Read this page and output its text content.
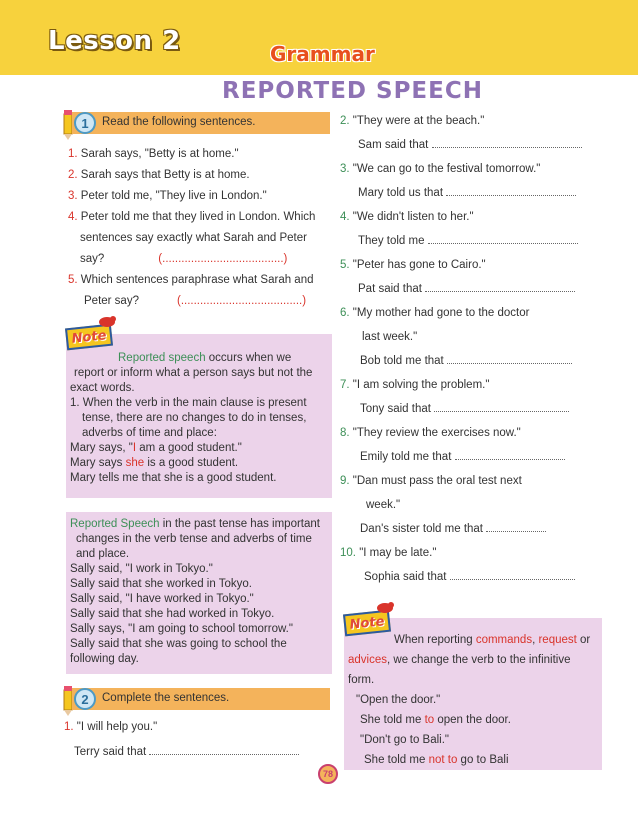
Lesson 2	Grammar
REPORTED SPEECH
1	Read the following sentences.
1. Sarah says, "Betty is at home."
2. Sarah says that Betty is at home.
3. Peter told me, "They live in London."
4. Peter told me that they lived in London. Which
sentences say exactly what Sarah and Peter
say?	(......................................)
5. Which sentences paraphrase what Sarah and
Peter say?	(......................................)
Note
Reported speech occurs when we
report or inform what a person says but not the
exact words.
1. When the verb in the main clause is present
tense, there are no changes to do in tenses,
adverbs of time and place:
Mary says, "I am a good student."
Mary says she is a good student.
Mary tells me that she is a good student.
Reported Speech in the past tense has important
changes in the verb tense and adverbs of time
and place.
Sally said, "I work in Tokyo."
Sally said that she worked in Tokyo.
Sally said, "I have worked in Tokyo."
Sally said that she had worked in Tokyo.
Sally says, "I am going to school tomorrow."
Sally said that she was going to school the
following day.
2	Complete the sentences.
1. "I will help you."
Terry said that
2. "They were at the beach."
Sam said that
3. "We can go to the festival tomorrow."
Mary told us that
4. "We didn't listen to her."
They told me
5. "Peter has gone to Cairo."
Pat said that
6. "My mother had gone to the doctor
last week."
Bob told me that
7. "I am solving the problem."
Tony said that
8. "They review the exercises now."
Emily told me that
9. "Dan must pass the oral test next
week."
Dan's sister told me that
10. "I may be late."
Sophia said that
Note
When reporting commands, request or
advices, we change the verb to the infinitive
form.
"Open the door."
She told me to open the door.
"Don't go to Bali."
She told me not to go to Bali
78
